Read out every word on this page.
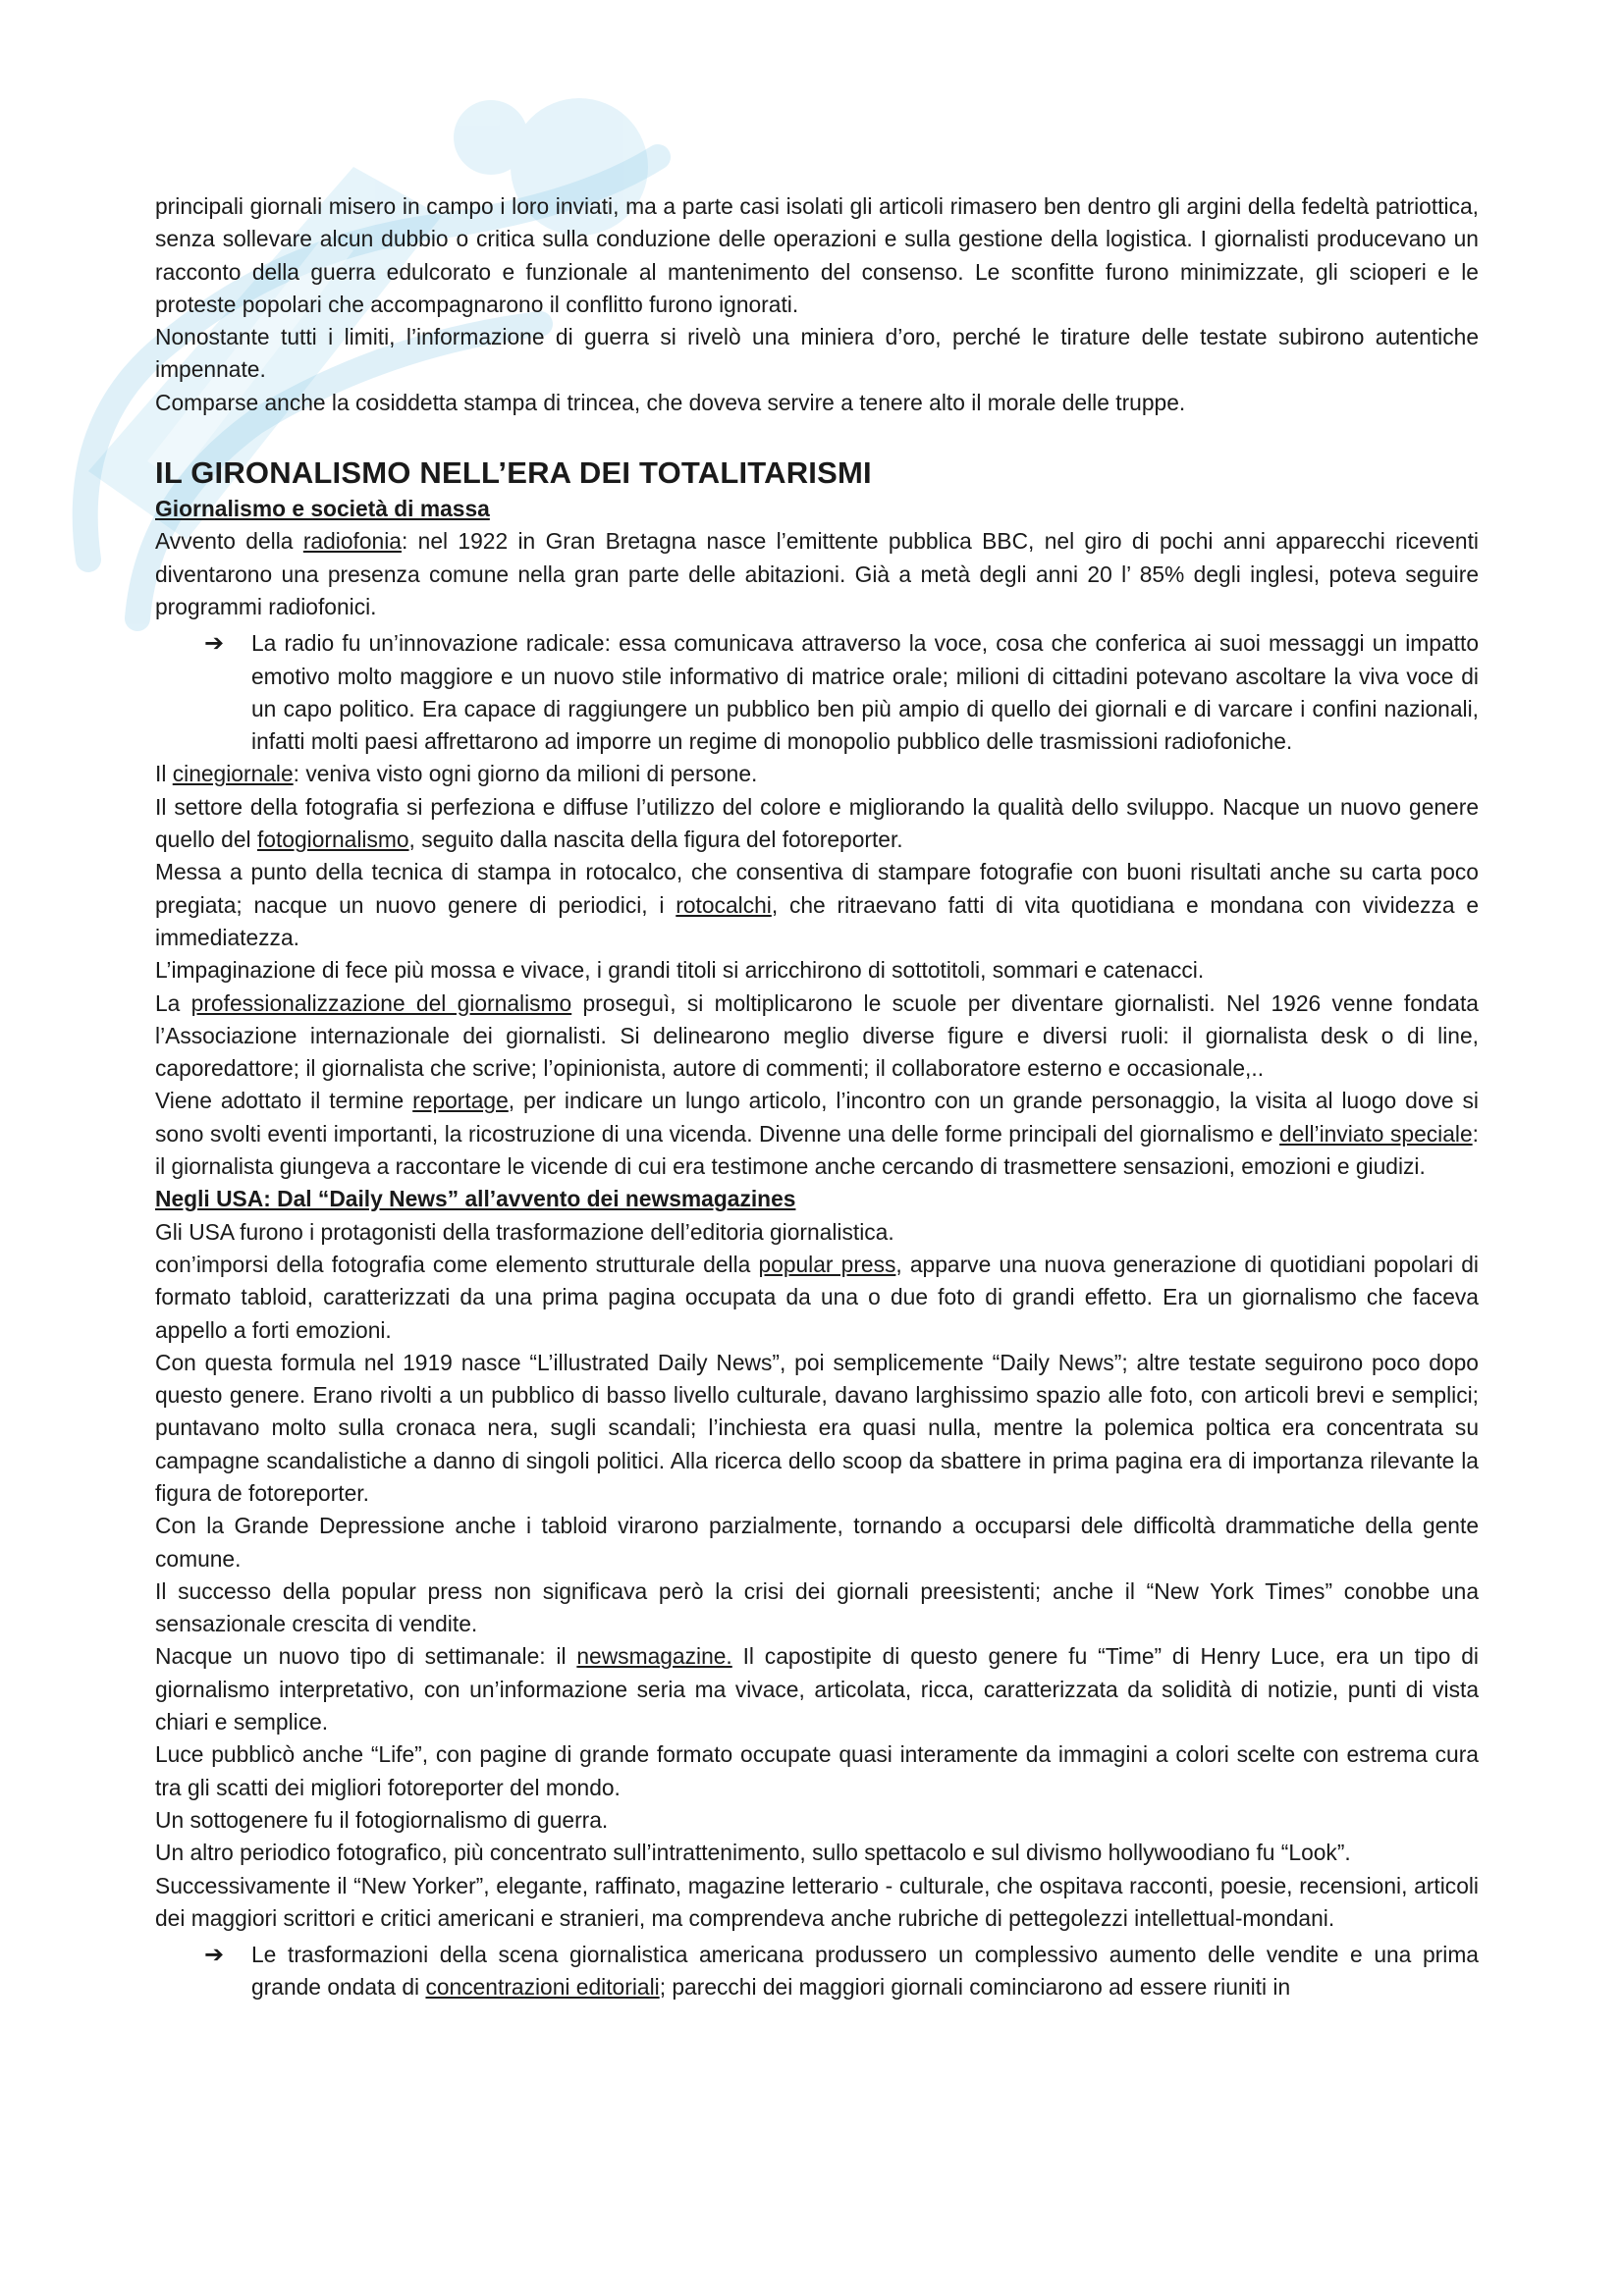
principali giornali misero in campo i loro inviati, ma a parte casi isolati gli articoli rimasero ben dentro gli argini della fedeltà patriottica, senza sollevare alcun dubbio o critica sulla conduzione delle operazioni e sulla gestione della logistica. I giornalisti producevano un racconto della guerra edulcorato e funzionale al mantenimento del consenso. Le sconfitte furono minimizzate, gli scioperi e le proteste popolari che accompagnarono il conflitto furono ignorati.

Nonostante tutti i limiti, l’informazione di guerra si rivelò una miniera d’oro, perché le tirature delle testate subirono autentiche impennate.

Comparse anche la cosiddetta stampa di trincea, che doveva servire a tenere alto il morale delle truppe.

IL GIRONALISMO NELL’ERA DEI TOTALITARISMI

Giornalismo e società di massa

Avvento della radiofonia: nel 1922 in Gran Bretagna nasce l’emittente pubblica BBC, nel giro di pochi anni apparecchi riceventi diventarono una presenza comune nella gran parte delle abitazioni. Già a metà degli anni 20 l’ 85% degli inglesi, poteva seguire programmi radiofonici.

➔	La radio fu un’innovazione radicale: essa comunicava attraverso la voce, cosa che conferica ai suoi messaggi un impatto emotivo molto maggiore e un nuovo stile informativo di matrice orale; milioni di cittadini potevano ascoltare la viva voce di un capo politico. Era capace di raggiungere un pubblico ben più ampio di quello dei giornali e di varcare i confini nazionali, infatti molti paesi affrettarono ad imporre un regime di monopolio pubblico delle trasmissioni radiofoniche.

Il cinegiornale: veniva visto ogni giorno da milioni di persone.

Il settore della fotografia si perfeziona e diffuse l’utilizzo del colore e migliorando la qualità dello sviluppo. Nacque un nuovo genere quello del fotogiornalismo, seguito dalla nascita della figura del fotoreporter.

Messa a punto della tecnica di stampa in rotocalco, che consentiva di stampare fotografie con buoni risultati anche su carta poco pregiata; nacque un nuovo genere di periodici, i rotocalchi, che ritraevano fatti di vita quotidiana e mondana con vividezza e immediatezza.

L’impaginazione di fece più mossa e vivace, i grandi titoli si arricchirono di sottotitoli, sommari e catenacci.

La professionalizzazione del giornalismo proseguì, si moltiplicarono le scuole per diventare giornalisti. Nel 1926 venne fondata l’Associazione internazionale dei giornalisti. Si delinearono meglio diverse figure e diversi ruoli: il giornalista desk o di line, caporedattore; il giornalista che scrive; l’opinionista, autore di commenti; il collaboratore esterno e occasionale,..

Viene adottato il termine reportage, per indicare un lungo articolo, l’incontro con un grande personaggio, la visita al luogo dove si sono svolti eventi importanti, la ricostruzione di una vicenda. Divenne una delle forme principali del giornalismo e dell’inviato speciale: il giornalista giungeva a raccontare le vicende di cui era testimone anche cercando di trasmettere sensazioni, emozioni e giudizi.

Negli USA: Dal “Daily News” all’avvento dei newsmagazines

Gli USA furono i protagonisti della trasformazione dell’editoria giornalistica.

con’imporsi della fotografia come elemento strutturale della popular press, apparve una nuova generazione di quotidiani popolari di formato tabloid, caratterizzati da una prima pagina occupata da una o due foto di grandi effetto. Era un giornalismo che faceva appello a forti emozioni.

Con questa formula nel 1919 nasce “L’illustrated Daily News”, poi semplicemente “Daily News”; altre testate seguirono poco dopo questo genere. Erano rivolti a un pubblico di basso livello culturale, davano larghissimo spazio alle foto, con articoli brevi e semplici; puntavano molto sulla cronaca nera, sugli scandali; l’inchiesta era quasi nulla, mentre la polemica poltica era concentrata su campagne scandalistiche a danno di singoli politici. Alla ricerca dello scoop da sbattere in prima pagina era di importanza rilevante la figura de fotoreporter.

Con la Grande Depressione anche i tabloid virarono parzialmente, tornando a occuparsi dele difficoltà drammatiche della gente comune.

Il successo della popular press non significava però la crisi dei giornali preesistenti; anche il “New York Times” conobbe una sensazionale crescita di vendite.

Nacque un nuovo tipo di settimanale: il newsmagazine. Il capostipite di questo genere fu “Time” di Henry Luce, era un tipo di giornalismo interpretativo, con un’informazione seria ma vivace, articolata, ricca, caratterizzata da solidità di notizie, punti di vista chiari e semplice.

Luce pubblicò anche “Life”, con pagine di grande formato occupate quasi interamente da immagini a colori scelte con estrema cura tra gli scatti dei migliori fotoreporter del mondo.

Un sottogenere fu il fotogiornalismo di guerra.

Un altro periodico fotografico, più concentrato sull’intrattenimento, sullo spettacolo e sul divismo hollywoodiano fu “Look”.

Successivamente il “New Yorker”, elegante, raffinato, magazine letterario - culturale, che ospitava racconti, poesie, recensioni, articoli dei maggiori scrittori e critici americani e stranieri, ma comprendeva anche rubriche di pettegolezzi intellettual-mondani.

➔	Le trasformazioni della scena giornalistica americana produssero un complessivo aumento delle vendite e una prima grande ondata di concentrazioni editoriali; parecchi dei maggiori giornali cominciarono ad essere riuniti in
